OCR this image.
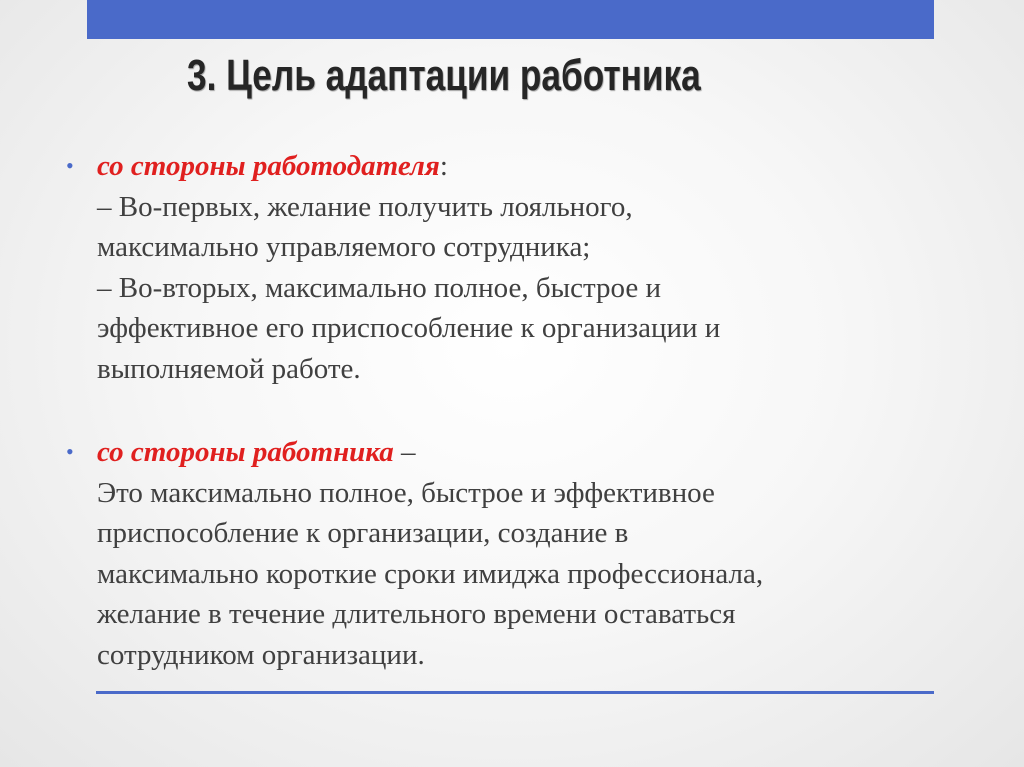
3. Цель адаптации работника
• со стороны работодателя:
– Во-первых, желание получить лояльного,
максимально управляемого сотрудника;
– Во-вторых, максимально полное, быстрое и
эффективное его приспособление к организации и
выполняемой работе.
• со стороны работника –
Это максимально полное, быстрое и эффективное
приспособление к организации, создание в
максимально короткие сроки имиджа профессионала,
желание в течение длительного времени оставаться
сотрудником организации.
